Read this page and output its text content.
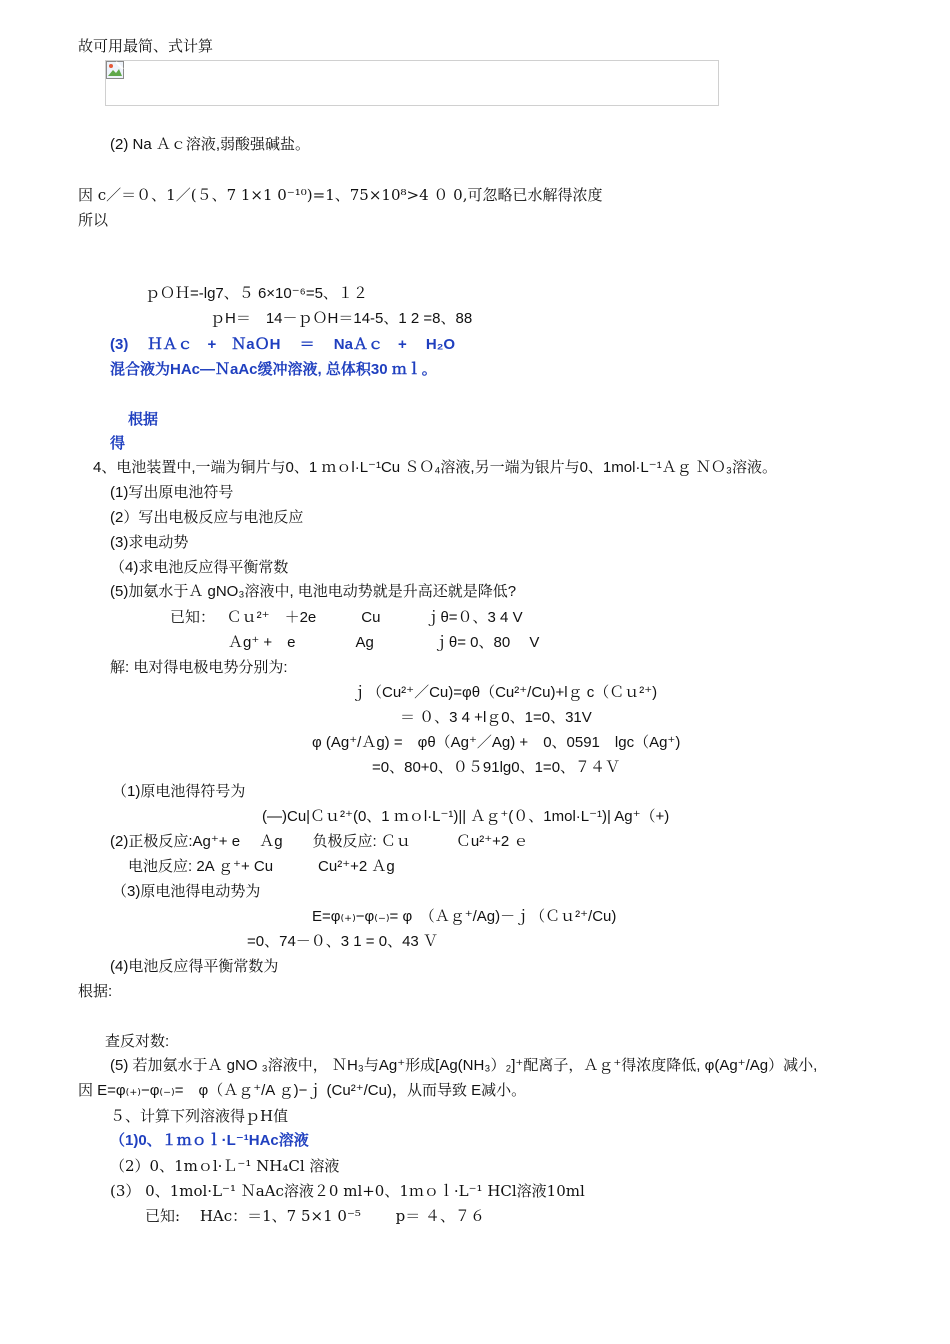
故可用最简、式计算
(2) Na Ａｃ溶液,弱酸强碱盐。
因 c／＝０、1／(５、7 1×1 0⁻¹⁰)=1、75×10⁸>4 ０ 0,可忽略已水解得浓度
所以
ｐＯＨ=-lg7、５ 6×10⁻⁶=5、１２
ｐH＝　14－ｐＯH＝14-5、1 2 =8、88
(3)　 ＨＡｃ　+　ＮaＯH　 ＝　 NaＡｃ　+　 H₂O
混合液为HAc—ＮaAc缓冲溶液, 总体积30 ｍｌ。
根据
得
4、电池装置中,一端为铜片与0、1 ｍｏl·L⁻¹Cu ＳＯ₄溶液,另一端为银片与0、1mol·L⁻¹Ａｇ ＮＯ₃溶液。
(1)写出原电池符号
(2）写出电极反应与电池反应
(3)求电动势
（4)求电池反应得平衡常数
(5)加氨水于Ａ gNO₃溶液中, 电池电动势就是升高还就是降低?
已知：　 Ｃｕ²⁺　＋2e　　　Cu　　　ｊθ=０、3 4 V
Ａg⁺ +　e　　　　Ag　　　　ｊθ= 0、80　 V
解: 电对得电极电势分别为:
ｊ（Cu²⁺／Cu)=φθ（Cu²⁺/Cu)+lｇ c（Ｃｕ²⁺)
＝ ０、3 4 +lｇ0、1=0、31V
φ (Ag⁺/Ａg) =　φθ（Ag⁺／Ag) +　0、0591　lgc（Ag⁺)
=0、80+0、０５91lg0、1=0、７４Ｖ
（1)原电池得符号为
(—)Cu|Ｃｕ²⁺(0、1 ｍｏl·L⁻¹)|| Ａｇ⁺(０、1mol·L⁻¹)| Ag⁺（+)
(2)正极反应:Ag⁺+ e　 Ａg　　负极反应: Ｃｕ　　　Ｃu²⁺+2 ｅ
电池反应: 2A ｇ⁺+ Cu　　　Cu²⁺+2 Ａg
（3)原电池得电动势为
E=φ₍₊₎−φ₍₋₎= φ　（Ａｇ⁺/Ag)－ｊ（Ｃｕ²⁺/Cu)
=0、74－０、3 1 = 0、43 Ｖ
(4)电池反应得平衡常数为
根据:
查反对数:
(5) 若加氨水于Ａ gNO ₃溶液中， ＮH₃与Ag⁺形成[Ag(NH₃）₂]⁺配离子，Ａｇ⁺得浓度降低, φ(Ag⁺/Ag）减小,
因 E=φ₍₊₎−φ₍₋₎=　φ（Ａｇ⁺/A ｇ)−ｊ (Cu²⁺/Cu)，从而导致 E减小。
５、计算下列溶液得ｐH值
（1)0、１ｍｏｌ·L⁻¹HAc溶液
（2）0、1mｏl·Ｌ⁻¹ NH₄Cl 溶液
(3） 0、1mol·L⁻¹ ＮaAc溶液２0 ml+0、1ｍｏｌ·L⁻¹ HCl溶液10ml
已知:　 HAc：＝1、7 5×1 0⁻⁵　　 p＝ ４、７６
